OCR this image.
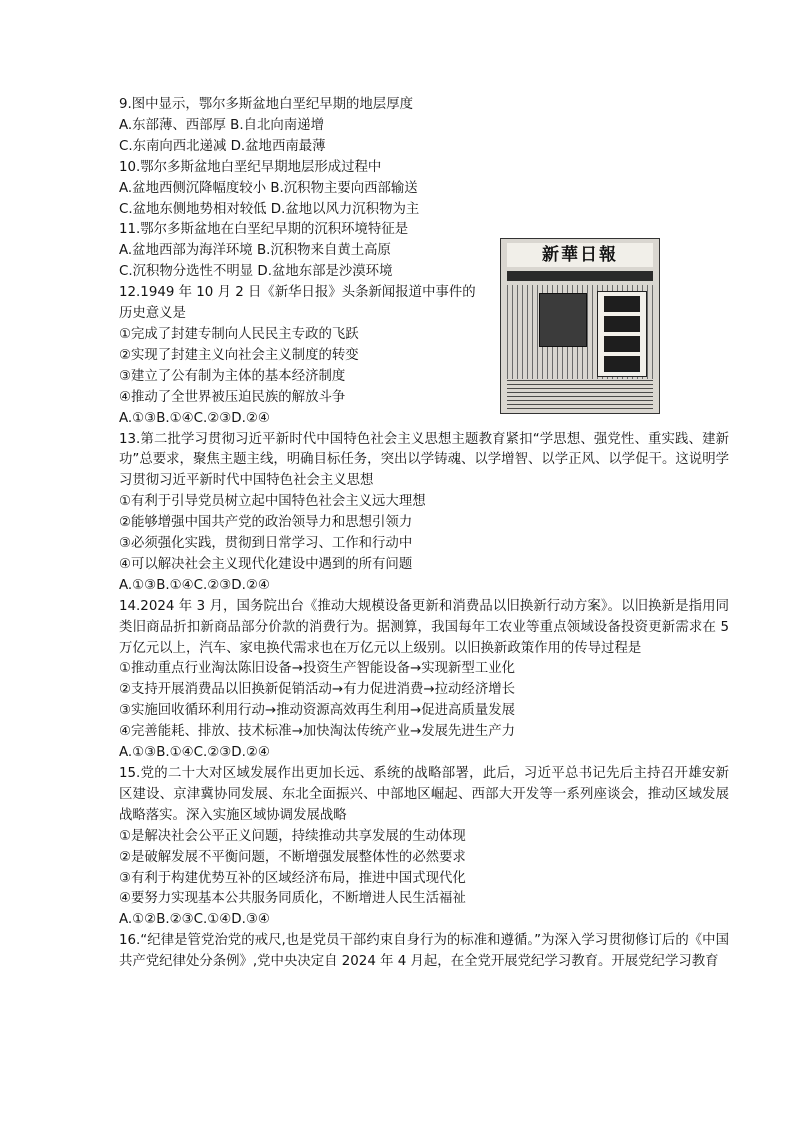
新華日報
9.图中显示，鄂尔多斯盆地白垩纪早期的地层厚度
A.东部薄、西部厚 B.自北向南递增
C.东南向西北递减 D.盆地西南最薄
10.鄂尔多斯盆地白垩纪早期地层形成过程中
A.盆地西侧沉降幅度较小 B.沉积物主要向西部输送
C.盆地东侧地势相对较低 D.盆地以风力沉积物为主
11.鄂尔多斯盆地在白垩纪早期的沉积环境特征是
A.盆地西部为海洋环境 B.沉积物来自黄土高原
C.沉积物分选性不明显 D.盆地东部是沙漠环境
12.1949 年 10 月 2 日《新华日报》头条新闻报道中事件的
历史意义是
①完成了封建专制向人民民主专政的飞跃
②实现了封建主义向社会主义制度的转变
③建立了公有制为主体的基本经济制度
④推动了全世界被压迫民族的解放斗争
A.①③B.①④C.②③D.②④
13.第二批学习贯彻习近平新时代中国特色社会主义思想主题教育紧扣“学思想、强党性、重实践、建新功”总要求，聚焦主题主线，明确目标任务，突出以学铸魂、以学增智、以学正风、以学促干。这说明学习贯彻习近平新时代中国特色社会主义思想
①有利于引导党员树立起中国特色社会主义远大理想
②能够增强中国共产党的政治领导力和思想引领力
③必须强化实践，贯彻到日常学习、工作和行动中
④可以解决社会主义现代化建设中遇到的所有问题
A.①③B.①④C.②③D.②④
14.2024 年 3 月，国务院出台《推动大规模设备更新和消费品以旧换新行动方案》。以旧换新是指用同类旧商品折扣新商品部分价款的消费行为。据测算，我国每年工农业等重点领域设备投资更新需求在 5 万亿元以上，汽车、家电换代需求也在万亿元以上级别。以旧换新政策作用的传导过程是
①推动重点行业淘汰陈旧设备→投资生产智能设备→实现新型工业化
②支持开展消费品以旧换新促销活动→有力促进消费→拉动经济增长
③实施回收循环利用行动→推动资源高效再生利用→促进高质量发展
④完善能耗、排放、技术标准→加快淘汰传统产业→发展先进生产力
A.①③B.①④C.②③D.②④
15.党的二十大对区域发展作出更加长远、系统的战略部署，此后，习近平总书记先后主持召开雄安新区建设、京津冀协同发展、东北全面振兴、中部地区崛起、西部大开发等一系列座谈会，推动区域发展战略落实。深入实施区域协调发展战略
①是解决社会公平正义问题，持续推动共享发展的生动体现
②是破解发展不平衡问题，不断增强发展整体性的必然要求
③有利于构建优势互补的区域经济布局，推进中国式现代化
④要努力实现基本公共服务同质化，不断增进人民生活福祉
A.①②B.②③C.①④D.③④
16.“纪律是管党治党的戒尺,也是党员干部约束自身行为的标准和遵循。”为深入学习贯彻修订后的《中国共产党纪律处分条例》,党中央决定自 2024 年 4 月起，在全党开展党纪学习教育。开展党纪学习教育
